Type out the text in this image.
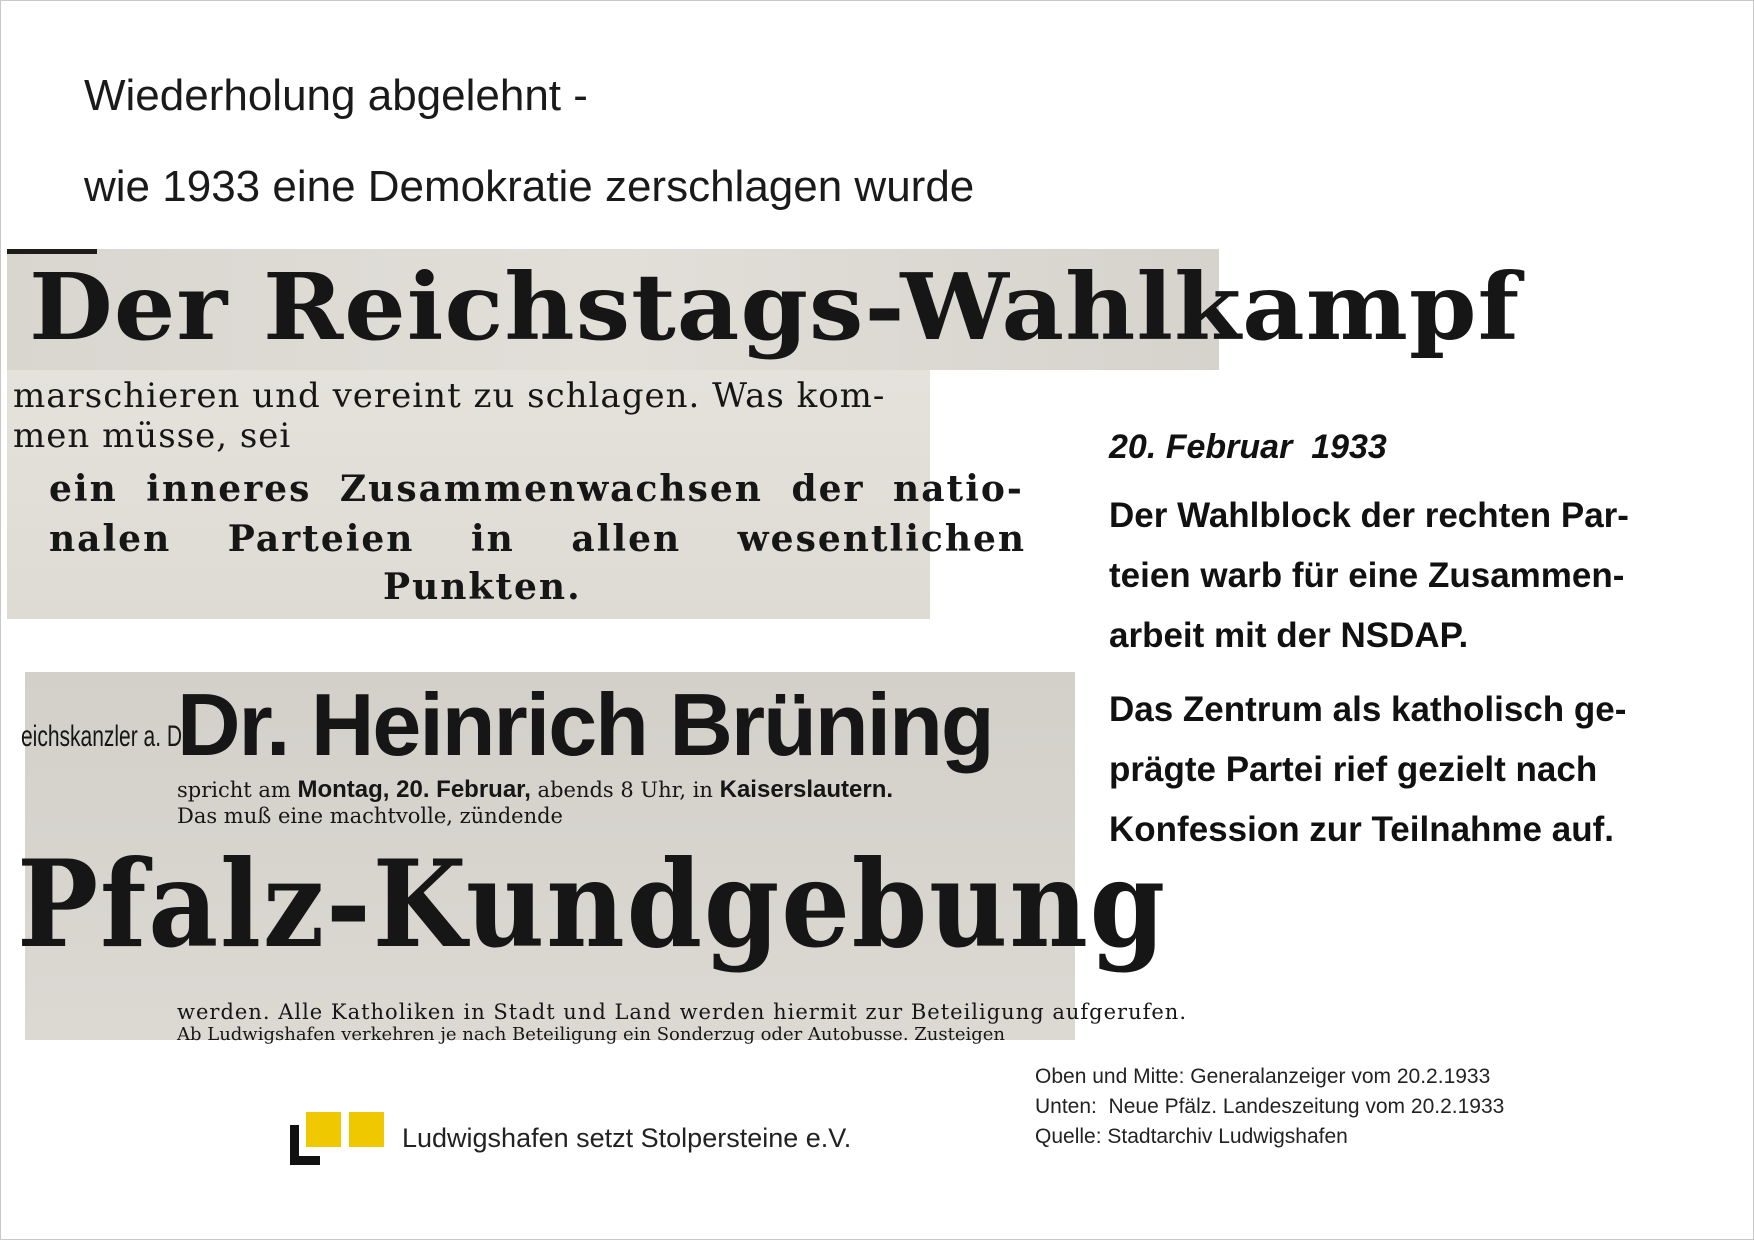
Wiederholung abgelehnt -
wie 1933 eine Demokratie zerschlagen wurde
Der Reichstags-Wahlkampf
marschieren und vereint zu schlagen. Was kom-
men müsse, sei
ein inneres Zusammenwachsen der natio-
nalen Parteien in allen wesentlichen
Punkten.
eichskanzler a. D.
Dr. Heinrich Brüning
spricht am Montag, 20. Februar, abends 8 Uhr, in Kaiserslautern.
Das muß eine machtvolle, zündende
Pfalz-Kundgebung
werden. Alle Katholiken in Stadt und Land werden hiermit zur Beteiligung aufgerufen.
Ab Ludwigshafen verkehren je nach Beteiligung ein Sonderzug oder Autobusse. Zusteigen
20. Februar  1933
Der Wahlblock der rechten Par-
teien warb für eine Zusammen-
arbeit mit der NSDAP.
Das Zentrum als katholisch ge-
prägte Partei rief gezielt nach
Konfession zur Teilnahme auf.
Oben und Mitte: Generalanzeiger vom 20.2.1933
Unten:  Neue Pfälz. Landeszeitung vom 20.2.1933
Quelle: Stadtarchiv Ludwigshafen
Ludwigshafen setzt Stolpersteine e.V.
